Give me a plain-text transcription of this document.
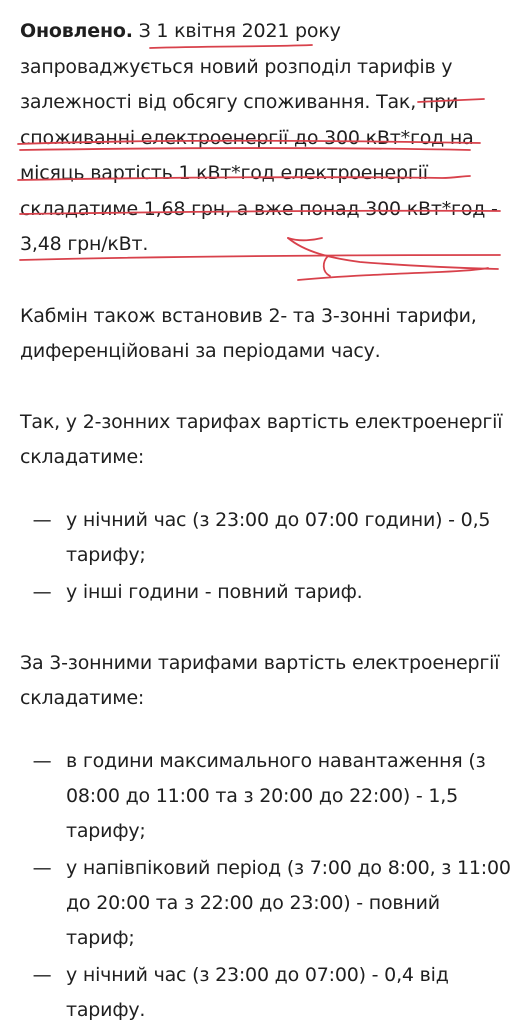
Оновлено. З 1 квітня 2021 року запроваджується новий розподіл тарифів у залежності від обсягу споживання. Так, при споживанні електроенергії до 300 кВт*год на місяць вартість 1 кВт*год електроенергії складатиме 1,68 грн, а вже понад 300 кВт*год - 3,48 грн/кВт.

Кабмін також встановив 2- та 3-зонні тарифи, диференційовані за періодами часу.

Так, у 2-зонних тарифах вартість електроенергії складатиме:

— у нічний час (з 23:00 до 07:00 години) - 0,5 тарифу;
— у інші години - повний тариф.

За 3-зонними тарифами вартість електроенергії складатиме:

— в години максимального навантаження (з 08:00 до 11:00 та з 20:00 до 22:00) - 1,5 тарифу;
— у напівпіковий період (з 7:00 до 8:00, з 11:00 до 20:00 та з 22:00 до 23:00) - повний тариф;
— у нічний час (з 23:00 до 07:00) - 0,4 від тарифу.
